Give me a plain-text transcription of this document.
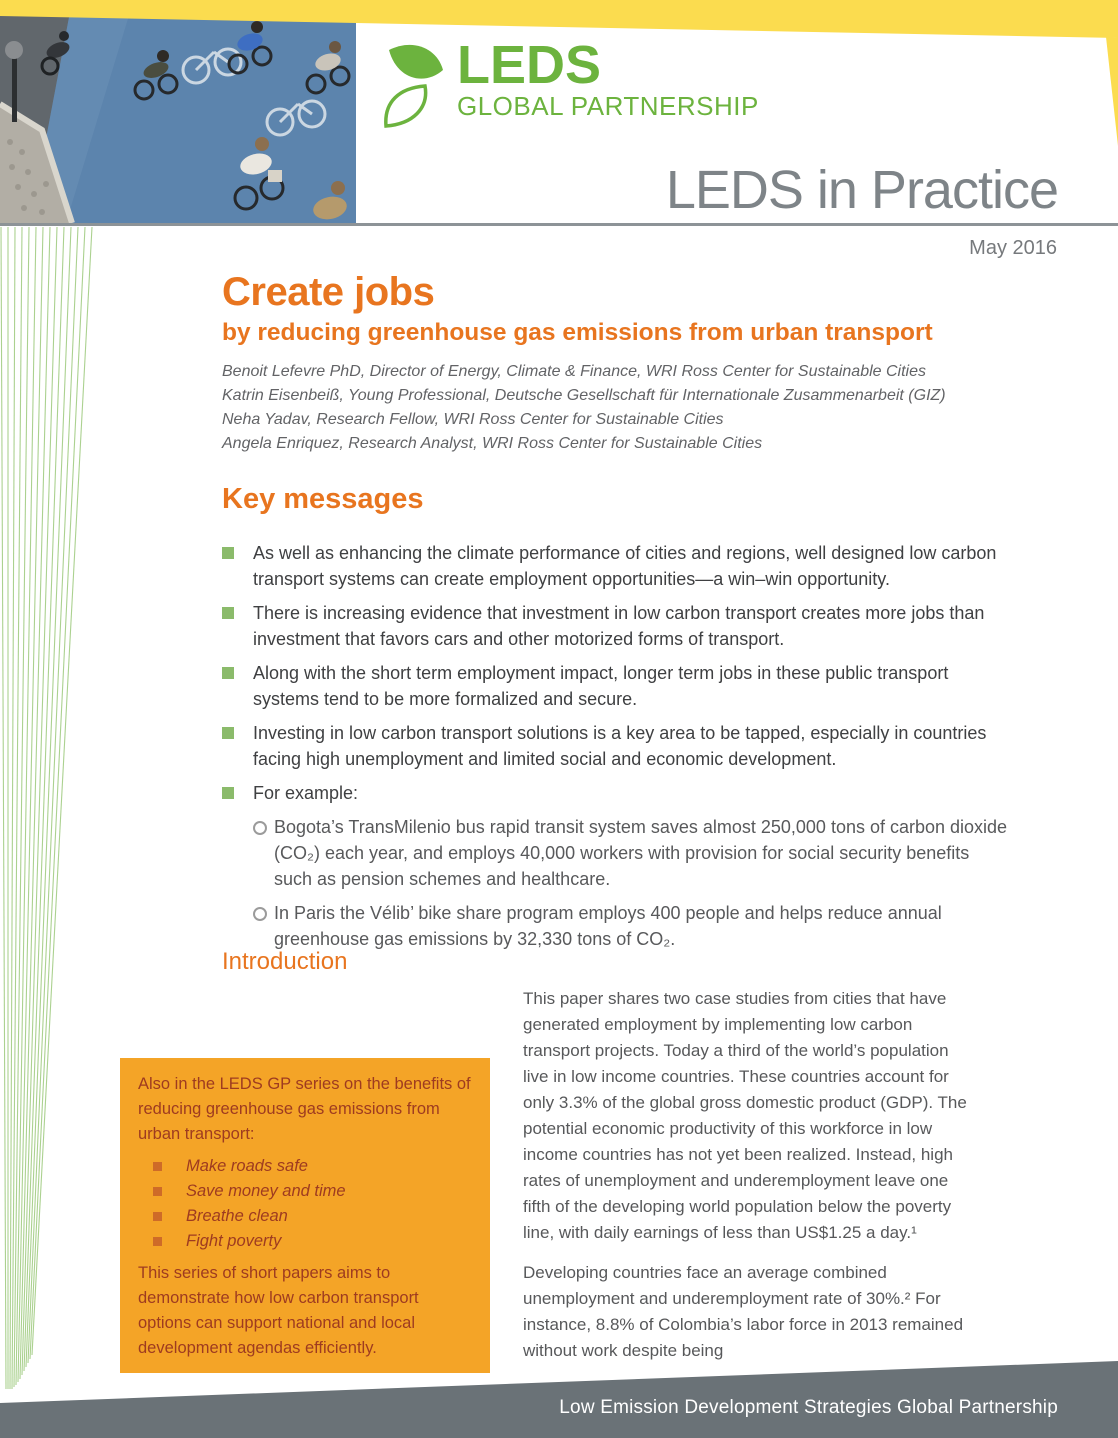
LEDS
GLOBAL PARTNERSHIP
LEDS in Practice
May 2016
Create jobs
by reducing greenhouse gas emissions from urban transport
Benoit Lefevre PhD, Director of Energy, Climate & Finance, WRI Ross Center for Sustainable Cities
Katrin Eisenbeiß, Young Professional, Deutsche Gesellschaft für Internationale Zusammenarbeit (GIZ)
Neha Yadav, Research Fellow, WRI Ross Center for Sustainable Cities
Angela Enriquez, Research Analyst, WRI Ross Center for Sustainable Cities
Key messages
As well as enhancing the climate performance of cities and regions, well designed low carbon transport systems can create employment opportunities—a win–win opportunity.
There is increasing evidence that investment in low carbon transport creates more jobs than investment that favors cars and other motorized forms of transport.
Along with the short term employment impact, longer term jobs in these public transport systems tend to be more formalized and secure.
Investing in low carbon transport solutions is a key area to be tapped, especially in countries facing high unemployment and limited social and economic development.
For example:
Bogota’s TransMilenio bus rapid transit system saves almost 250,000 tons of carbon dioxide (CO₂) each year, and employs 40,000 workers with provision for social security benefits such as pension schemes and healthcare.
In Paris the Vélib’ bike share program employs 400 people and helps reduce annual greenhouse gas emissions by 32,330 tons of CO₂.
Introduction
Also in the LEDS GP series on the benefits of reducing greenhouse gas emissions from urban transport:
Make roads safe
Save money and time
Breathe clean
Fight poverty
This series of short papers aims to demonstrate how low carbon transport options can support national and local development agendas efficiently.

This paper shares two case studies from cities that have generated employment by implementing low carbon transport projects. Today a third of the world’s population live in low income countries. These countries account for only 3.3% of the global gross domestic product (GDP). The potential economic productivity of this workforce in low income countries has not yet been realized. Instead, high rates of unemployment and underemployment leave one fifth of the developing world population below the poverty line, with daily earnings of less than US$1.25 a day.¹

Developing countries face an average combined unemployment and underemployment rate of 30%.² For instance, 8.8% of Colombia’s labor force in 2013 remained without work despite being

Low Emission Development Strategies Global Partnership
